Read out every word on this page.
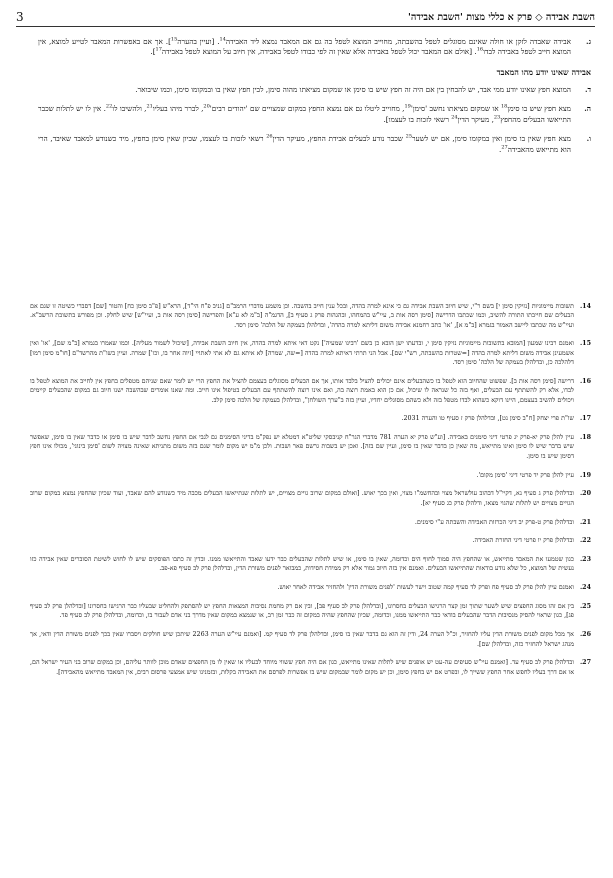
השבת אבידה ◇ פרק א כללי מצות 'השבת אבידה'
3
ג.
אבידה שאבדה לזקן או חולה שאינם מסוגלים לטפל בהשבתה, מחוייב המוצא לטפל בה גם אם המאבד נמצא ליד האבידה$^{14}$. [ועיין בהערה$^{15}$]. אך אם באפשרות המאבד לטייע למוצא, אין המוצא חייב לטפל באבידה לבדו$^{16}$. [אולם אם המאבד יכול לטפל באבידה אלא שאין זה לפי כבודו לטפל באבידה, אין חיוב על המוצא לטפל באבידה$^{17}$].
אבידה שאינו יודע מהו המאבד
ד.
המוצא חפץ שאינו יודע ממי אבד, יש להבחין בין אם היה זה חפץ שיש בו סימן או שמקום מציאתו מהוה סימן, לבין חפץ שאין בו ובמקומו סימן, וכמו שיבואר.
ה.
מצא חפץ שיש בו סימן$^{18}$ או שמקום מציאתו נחשב 'סימן'$^{19}$, מחוייב ליטלו גם אם נמצא החפץ במקום שמצויים שם 'יהודים רבים'$^{20}$, לברר מיהו בעליו$^{21}$, ולהשיבו לו$^{22}$. אין לו יש לתלות שכבר התייאשו הבעלים מהחפץ$^{23}$, מעיקר הדין$^{24}$ רשאי לזכות בו לעצמו].
ו.
מצא חפץ שאין בו סימן ואין במקומו סימן, אם יש לשער$^{25}$ שכבר נודע לבעלים אבידת החפץ, מעיקר הדין$^{26}$ רשאי לזכות בו לעצמו, שכיון שאין סימן בחפץ, מיד כשנודע למאבד שאיבד, הרי הוא מתייאש מהאבידה$^{27}$.
14.
תשובות מיימוניות [נזיקין סימן י] בשם ר"י, שיש חיוב השבת אבידה גם כי אינא למרה בהדה, ובכל ענין חייב בהשבה. וכן משמע מדברי הרמב"ם [גניב פ"ח הי"ד], הרא"ש [פ"ב סימן כח] והטור [שם] דסברי כשיטה זו שגם אם הבעלים שם חייבתו התורה להשיב, וכמו שכתבו הדרישה [סימן רסה אות ב, עיי"ש בהמחהו, ובהגהות פרק ג סעיף ב], הדגמ"ה [ב"מ לא ע"א] והפרישה [סימן רסה אות ב, ועיי"ש] שיש לחלק. וכן מפורש בתשובת הרשב"א. ועיי"ש מה שכתבו ליישב האמור בגמרא [ב"מ א], 'או' כתב רחמנא אבידה משום דליתא למרה בהדה', ובדלהלן בעמקה של הלכה' סימן רסד.
15.
ואמנם רבינו שמעון [המובא בתשובות מיימוניות נזיקין סימן י, ובדעתו ישן הובא כן בשם 'רבינו שמעיה'] נקט דאי איתא למרה בהדה, אין חיוב השבת אבידה, [שיכול לשמור מעליה]. וכמו שאמרו בגמרא [ב"מ שם], 'או' ואין אשמעינן אבידה משום דליתא למרה בהדה [=שטרות בהשבתה, רש"י שם]. אבל הני תרתי דאיתא למרה בהדה [=שה, שמרה] לא איתא גם לא אתי לאתויי [זיוה אחר בו, וכו'] שמרה. ועיין בשו"ת מהרשד"ם [חו"מ סימן רמו] דלהלכה כן, ובדלהלן בעמקה של הלכה' סימן רסד.
16.
דרישה [סימן רסה אות ב]. שפשוט שהחיוב הוא לטפל בו כשהבעלים אינם יכולים להציל בלבד אותו, אך אם הבעלים מסוגלים בעצמם להציל את החפץ הרי יש לומר שאם שניהם מטפלים בחפץ אין לחייב את המוצא לטפל בו לבדו, אלא רק להשתתף עם הבעלים, ואף בזה כל שנראה לו שיכול, אם כן הוא באמת רוצה בה, ואם אינו רוצה להשתתף עם הבעלים בטיפול אינו חייב. ומה שאנו אומרים שבהשבה ישנו חיוב גם במקום שהבעלים קיימים ויכולים להשיב בעצמם, היינו דוקא כשהוא לבדו מטפל בזה ולא כשהם מסוגלים יחדיו, ועיין בזה ב"ערך השולחן", ובדלהלן בעמקה של הלכה סימן קלב.
17.
שו"ת פרי יצחק [ח"ב סימן נט], ובדלהלן פרק ז סעיף טו והערה 2031.
18.
עיין להלן פרק יא-פרק יג פרטי דיני סימנים באבידה. [וע"ש פרק יא הערה 781 מדברי הגר"ח קניבסקי שליט"א דמטלא יש נפק"מ בדיני הסימנים גם לגבי אם החפץ נחשב לדבר שיש בו סימן או כדבר שאין בו סימן, שאפשר שיש בדבר שיש לו סימן ואינו מתייאש, מה שאין כן בדבר שאין בו סימן, ועיין שם בזה]. ואכן יש בשבות גרשם פאר ושבות. ולכן מ"מ יש מקום לומר שגם בזה משום מתניתא שאינה מצויה לשום 'סימן בינוני', מכולו אינו חפץ דסימן שיש בו סימן.
19.
עיין להלן פרק יד פרטי דיני 'סימן מקום'.
20.
ובדלהלן פרק ג סעיף נא, דקיי"ל דבהוב עולשראל מצוי ובהחשמ"ו מצוי, ואין בכך יאוש. [ואולם במקום שרוב גויים מצויים, יש לתלות שנתייאשו הבעלים מכבה מיד כשנודע להם שאבד, ועוד שכיון שהחפץ נמצא במקום שרוב הגויים מצויים יש לתלות שהגוי מצאו, ודלהלן פרק כג סעיף יא].
21.
ובדלהלן פרק ט-פרק יב דיני הכרזות האבידה והשבתה ע"י סימנים.
22.
ובדלהלן פרק יו פרטי דיני החזרת האבידה.
23.
כגון שטמעו את המאבד מתייאש, או שהחפץ היה סמוך לחוף הים וכדומה, שאין בו סימן, או שיש לתלות שהבעלים כבר ידעו שאבד והתייאשו ממנו. ובדין זה כתבו הפוסקים שיש לו לחוש לשיטת הסוברים שאין אבידה כזו נעשית של המוצא, כל שלא נודע בודאות שהתייאשו הבעלים. ואמנם אין בזה חיוב גמור אלא רק ממידת חסידות, כמבואר לפנים משורת הדין, ובדלהלן פרק לב סעיף פא-פב.
24.
ואמנם עיין להלן פרק לב סעיף פח ופרק לד סעיף קמה שטוב וישר לעשות 'לפנים משורת הדין' ולהחזיר אבידה לאחר יאוש.
25.
בין אם זהו מסוג החפצים שיש לשער שתוך זמן קצר הרגישו הבעלים בחסרונו, [ובדלהלן פרק לב סעיף פב], ובין אם רק מחמת נסיבות המצאות החפץ יש להסתפק ולהחליט שבעליו כבר הרגישו בחסרונו [ובדלהלן פרק לב סעיף פג], כגון שראוי להסיק מנסיבות הדבר שהבעלים בודאי כבר התייאשו ממנו, וכדומה, שכיון שהחפץ שהיה במקום זה כבר זמן רב, או שנמצא במקום שאין מדרך בני אדם לעבור בו, וכדומה, ובדלהלן פרק לב סעיף פד.
26.
אך מכל מקום לפנים משורת הדין עליו להחזיר, וכ"ל הערה 24, ודין זה הוא גם בדבר שאין בו סימן, ובדלהלן פרק לד סעיף קמ. [ואמנם עיי"ש הערה 2263 שיתכן שיש חולקים ויסברו שאין בכך לפנים משורת הדין ודאי, אך מנהג ישראל להחזיר כזה, ובדלהלן שם].
27.
ובדלהלן פרק לב סעיף עד. [ואמנם עיי"ש סעיפים עה-עט יש אופנים שיש לתלות שאינו מתייאש, כגון אם היה חפץ ששווי מיוחד לבעליו או שאין לו מן החפצים שאדם מוכן לוותר עליהם, וכן במקום שרוב בני העיר ישראל הם, או אם דרך בעליו לחפש אחר החפץ ששייך לו, ובפרט אם יש בחפץ סימן, וכן יש מקום לומר שבמקום שיש בו אפשרות לפרסם את האבידה בקלות, ובזמנינו שיש אמצעי פרסום רבים, אין המאבד מתייאש מהאבידה].
